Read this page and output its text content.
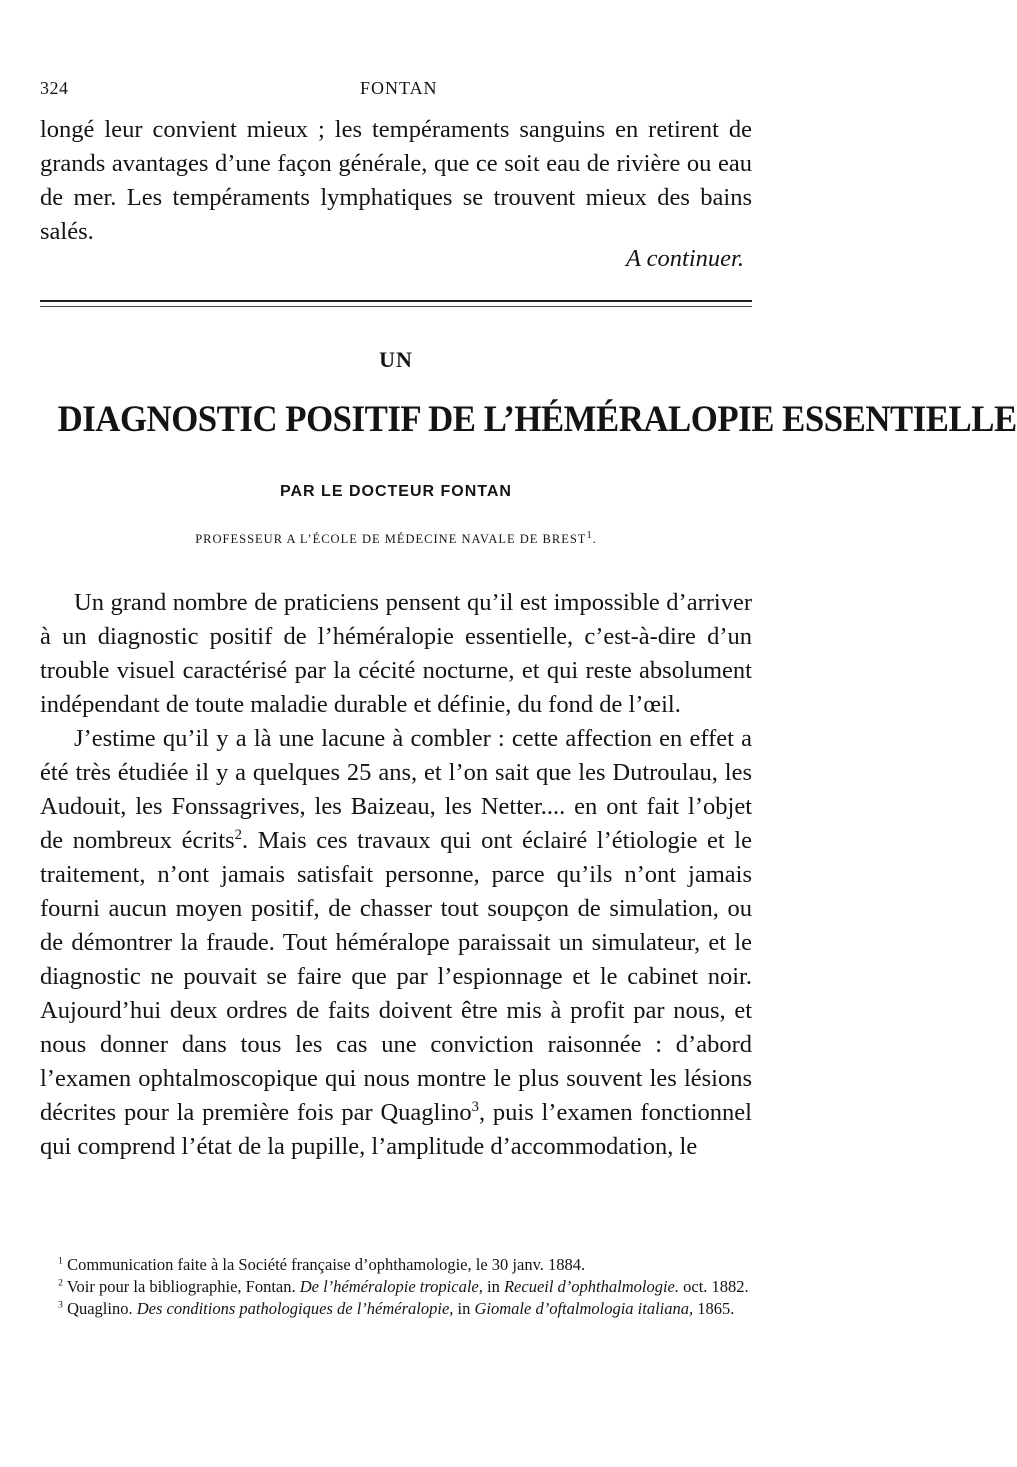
324	FONTAN

longé leur convient mieux ; les tempéraments sanguins en retirent de grands avantages d’une façon générale, que ce soit eau de rivière ou eau de mer. Les tempéraments lymphatiques se trouvent mieux des bains salés.

A continuer.
UN
DIAGNOSTIC POSITIF DE L’HÉMÉRALOPIE ESSENTIELLE
PAR LE DOCTEUR FONTAN
PROFESSEUR A L’ÉCOLE DE MÉDECINE NAVALE DE BREST$^1$.

Un grand nombre de praticiens pensent qu’il est impossible d’arriver à un diagnostic positif de l’héméralopie essentielle, c’est-à-dire d’un trouble visuel caractérisé par la cécité nocturne, et qui reste absolument indépendant de toute maladie durable et définie, du fond de l’œil.

J’estime qu’il y a là une lacune à combler : cette affection en effet a été très étudiée il y a quelques 25 ans, et l’on sait que les Dutroulau, les Audouit, les Fonssagrives, les Baizeau, les Netter.... en ont fait l’objet de nombreux écrits$^2$. Mais ces travaux qui ont éclairé l’étiologie et le traitement, n’ont jamais satisfait personne, parce qu’ils n’ont jamais fourni aucun moyen positif, de chasser tout soupçon de simulation, ou de démontrer la fraude. Tout héméralope paraissait un simulateur, et le diagnostic ne pouvait se faire que par l’espionnage et le cabinet noir. Aujourd’hui deux ordres de faits doivent être mis à profit par nous, et nous donner dans tous les cas une conviction raisonnée : d’abord l’examen ophtalmoscopique qui nous montre le plus souvent les lésions décrites pour la première fois par Quaglino$^3$, puis l’examen fonctionnel qui comprend l’état de la pupille, l’amplitude d’accommodation, le

$^1$ Communication faite à la Société française d’ophthamologie, le 30 janv. 1884.

$^2$ Voir pour la bibliographie, Fontan. De l’héméralopie tropicale, in Recueil d’ophthalmologie. oct. 1882.

$^3$ Quaglino. Des conditions pathologiques de l’héméralopie, in Giomale d’oftalmologia italiana, 1865.
